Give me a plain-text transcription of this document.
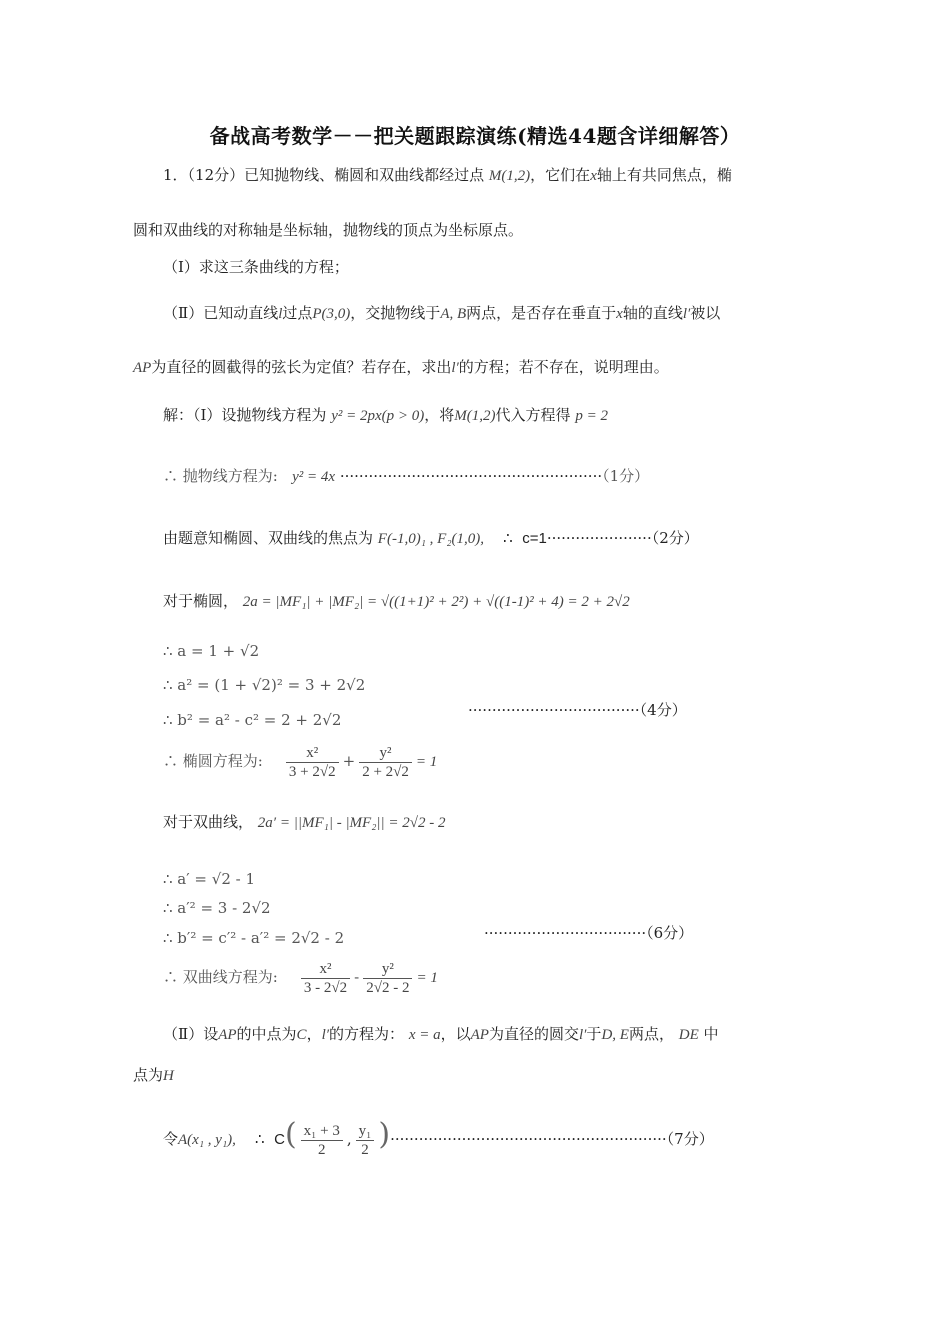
备战高考数学－－把关题跟踪演练(精选44题含详细解答）
1．（12分）已知抛物线、椭圆和双曲线都经过点 M(1,2)，它们在x轴上有共同焦点，椭
圆和双曲线的对称轴是坐标轴，抛物线的顶点为坐标原点。
（Ⅰ）求这三条曲线的方程；
（Ⅱ）已知动直线l过点P(3,0)，交抛物线于A, B两点，是否存在垂直于x轴的直线l′被以
AP为直径的圆截得的弦长为定值？若存在，求出l′的方程；若不存在，说明理由。
解：（Ⅰ）设抛物线方程为 y² = 2px(p > 0)，将M(1,2)代入方程得 p = 2
∴ 抛物线方程为: y² = 4x ·······················································（1分）
由题意知椭圆、双曲线的焦点为 F(-1,0)₁ , F₂(1,0), ∴ c=1······················（2分）
对于椭圆， 2a = |MF₁| + |MF₂| = √((1+1)² + 2²) + √((1-1)² + 4) = 2 + 2√2
∴ a = 1 + √2
∴ a² = (1 + √2)² = 3 + 2√2
∴ b² = a² - c² = 2 + 2√2
····································（4分）
∴ 椭圆方程为: $\frac{\text{x²}}{3 + 2√2} + \frac{\text{y²}}{2 + 2√2} = 1$
对于双曲线， 2a′ = ||MF₁| - |MF₂|| = 2√2 - 2
∴ a′ = √2 - 1
∴ a′² = 3 - 2√2
∴ b′² = c′² - a′² = 2√2 - 2	··································（6分）
∴ 双曲线方程为: $\frac{\text{x²}}{3 - 2√2} - \frac{\text{y²}}{2√2 - 2} = 1$
（Ⅱ）设AP的中点为C，l′的方程为： x = a，以AP为直径的圆交l′于D, E两点， DE 中
点为H
令A(x₁ , y₁), ∴ $C( \frac{\text{x₁ + 3}}{2}$ , $\frac{\text{y₁}}{2} )\cdot\cdot\cdot\cdot\cdot\cdot\cdot\cdot\cdot\cdot\cdot\cdot\cdot\cdot\cdot\cdot\cdot\cdot\cdot\cdot\cdot\cdot\cdot\cdot\cdot\cdot\cdot\cdot\cdot\cdot\cdot\cdot\cdot\cdot\cdot\cdot\cdot\cdot\cdot\cdot\cdot\cdot\cdot\cdot\cdot\cdot\cdot\cdot\cdot\cdot\cdot\cdot\cdot\cdot\cdot\cdot\cdot\cdot(7$分）
